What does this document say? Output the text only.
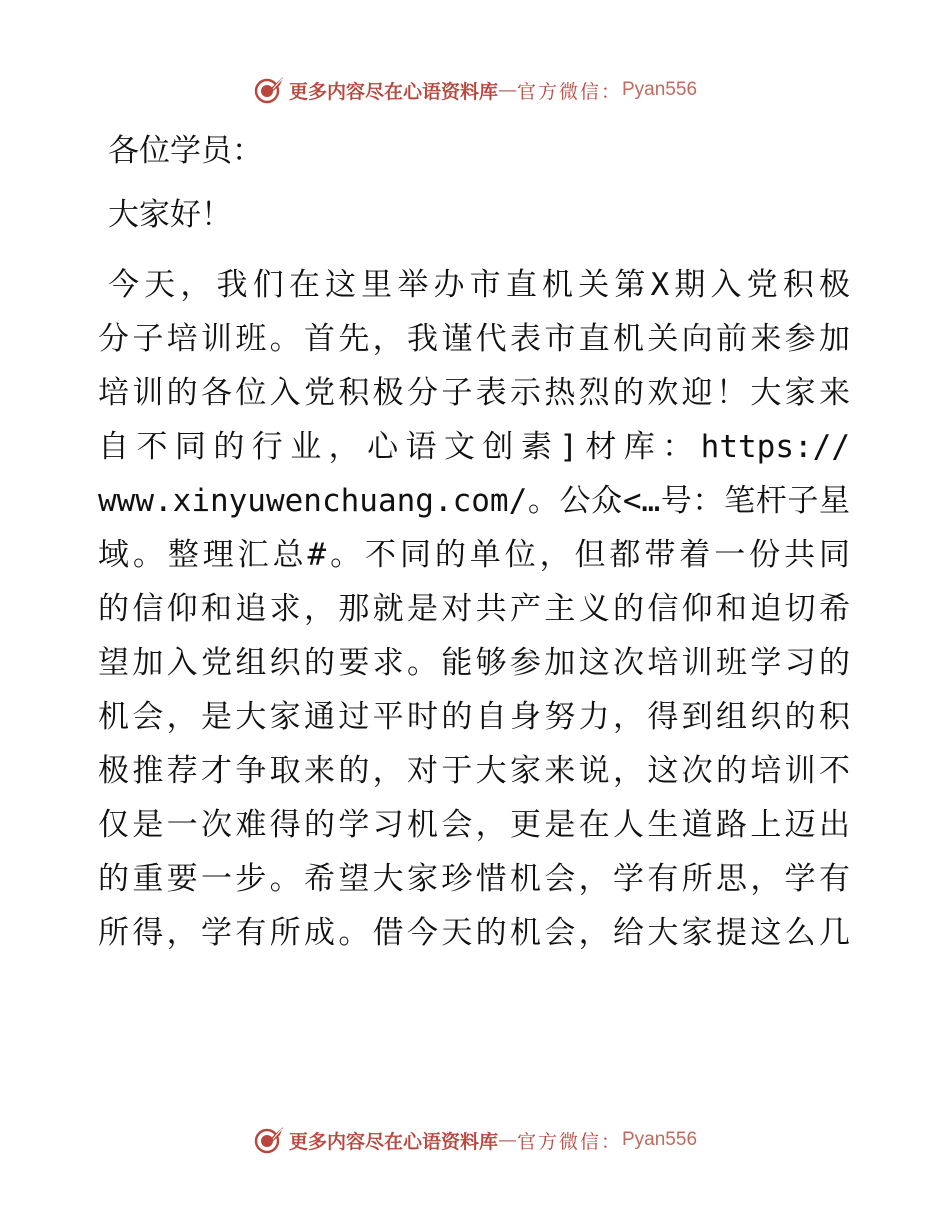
更多内容尽在心语资料库 — 官方微信： Pyan556
各位学员：
大家好！
今天，我们在这里举办市直机关第X期入党积极
分子培训班。首先，我谨代表市直机关向前来参加
培训的各位入党积极分子表示热烈的欢迎！大家来
自不同的行业，心语文创素]材库：https://
www.xinyuwenchuang.com/。公众<…号：笔杆子星
域。整理汇总#。不同的单位，但都带着一份共同
的信仰和追求，那就是对共产主义的信仰和迫切希
望加入党组织的要求。能够参加这次培训班学习的
机会，是大家通过平时的自身努力，得到组织的积
极推荐才争取来的，对于大家来说，这次的培训不
仅是一次难得的学习机会，更是在人生道路上迈出
的重要一步。希望大家珍惜机会，学有所思，学有
所得，学有所成。借今天的机会，给大家提这么几
更多内容尽在心语资料库 — 官方微信： Pyan556
